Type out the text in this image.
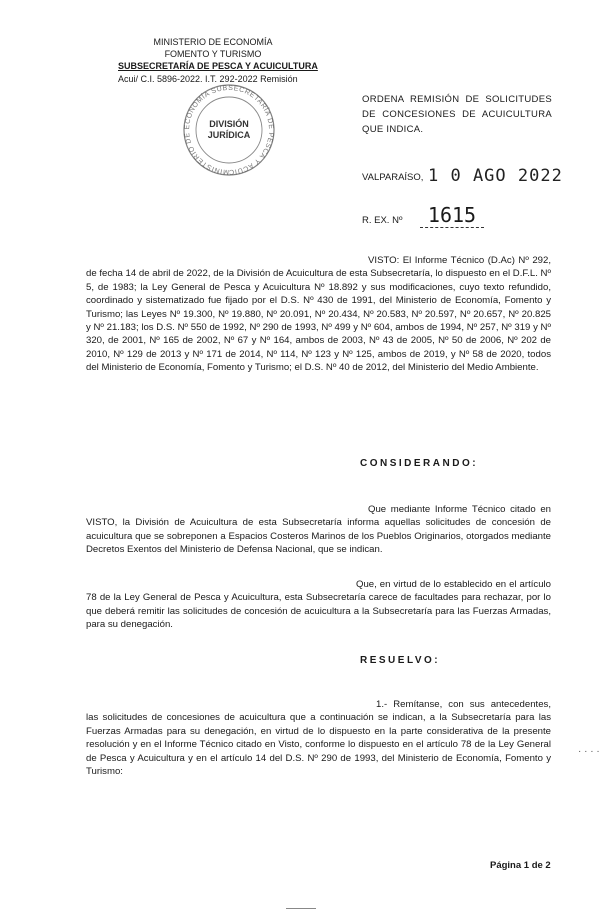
MINISTERIO DE ECONOMÍA
FOMENTO Y TURISMO
SUBSECRETARÍA DE PESCA Y ACUICULTURA
Acui/ C.I. 5896-2022. I.T. 292-2022 Remisión
MINISTERIO DE ECONOMÍA SUBSECRETARÍA DE PESCA Y ACUIC
DIVISIÓN
JURÍDICA
ORDENA REMISIÓN DE SOLICITUDES DE CONCESIONES DE ACUICULTURA QUE INDICA.
VALPARAÍSO, 1 0 AGO 2022
R. EX. Nº	1615
VISTO: El Informe Técnico (D.Ac) Nº 292, de fecha 14 de abril de 2022, de la División de Acuicultura de esta Subsecretaría, lo dispuesto en el D.F.L. Nº 5, de 1983; la Ley General de Pesca y Acuicultura Nº 18.892 y sus modificaciones, cuyo texto refundido, coordinado y sistematizado fue fijado por el D.S. Nº 430 de 1991, del Ministerio de Economía, Fomento y Turismo; las Leyes Nº 19.300, Nº 19.880, Nº 20.091, Nº 20.434, Nº 20.583, Nº 20.597, Nº 20.657, Nº 20.825 y Nº 21.183; los D.S. Nº 550 de 1992, Nº 290 de 1993, Nº 499 y Nº 604, ambos de 1994, Nº 257, Nº 319 y Nº 320, de 2001, Nº 165 de 2002, Nº 67 y Nº 164, ambos de 2003, Nº 43 de 2005, Nº 50 de 2006, Nº 202 de 2010, Nº 129 de 2013 y Nº 171 de 2014, Nº 114, Nº 123 y Nº 125, ambos de 2019, y Nº 58 de 2020, todos del Ministerio de Economía, Fomento y Turismo; el D.S. Nº 40 de 2012, del Ministerio del Medio Ambiente.
CONSIDERANDO:
Que mediante Informe Técnico citado en VISTO, la División de Acuicultura de esta Subsecretaría informa aquellas solicitudes de concesión de acuicultura que se sobreponen a Espacios Costeros Marinos de los Pueblos Originarios, otorgados mediante Decretos Exentos del Ministerio de Defensa Nacional, que se indican.
Que, en virtud de lo establecido en el artículo 78 de la Ley General de Pesca y Acuicultura, esta Subsecretaría carece de facultades para rechazar, por lo que deberá remitir las solicitudes de concesión de acuicultura a la Subsecretaría para las Fuerzas Armadas, para su denegación.
RESUELVO:
1.- Remítanse, con sus antecedentes, las solicitudes de concesiones de acuicultura que a continuación se indican, a la Subsecretaría para las Fuerzas Armadas para su denegación, en virtud de lo dispuesto en la parte considerativa de la presente resolución y en el Informe Técnico citado en Visto, conforme lo dispuesto en el artículo 78 de la Ley General de Pesca y Acuicultura y en el artículo 14 del D.S. Nº 290 de 1993, del Ministerio de Economía, Fomento y Turismo:
· · · ·
Página 1 de 2
